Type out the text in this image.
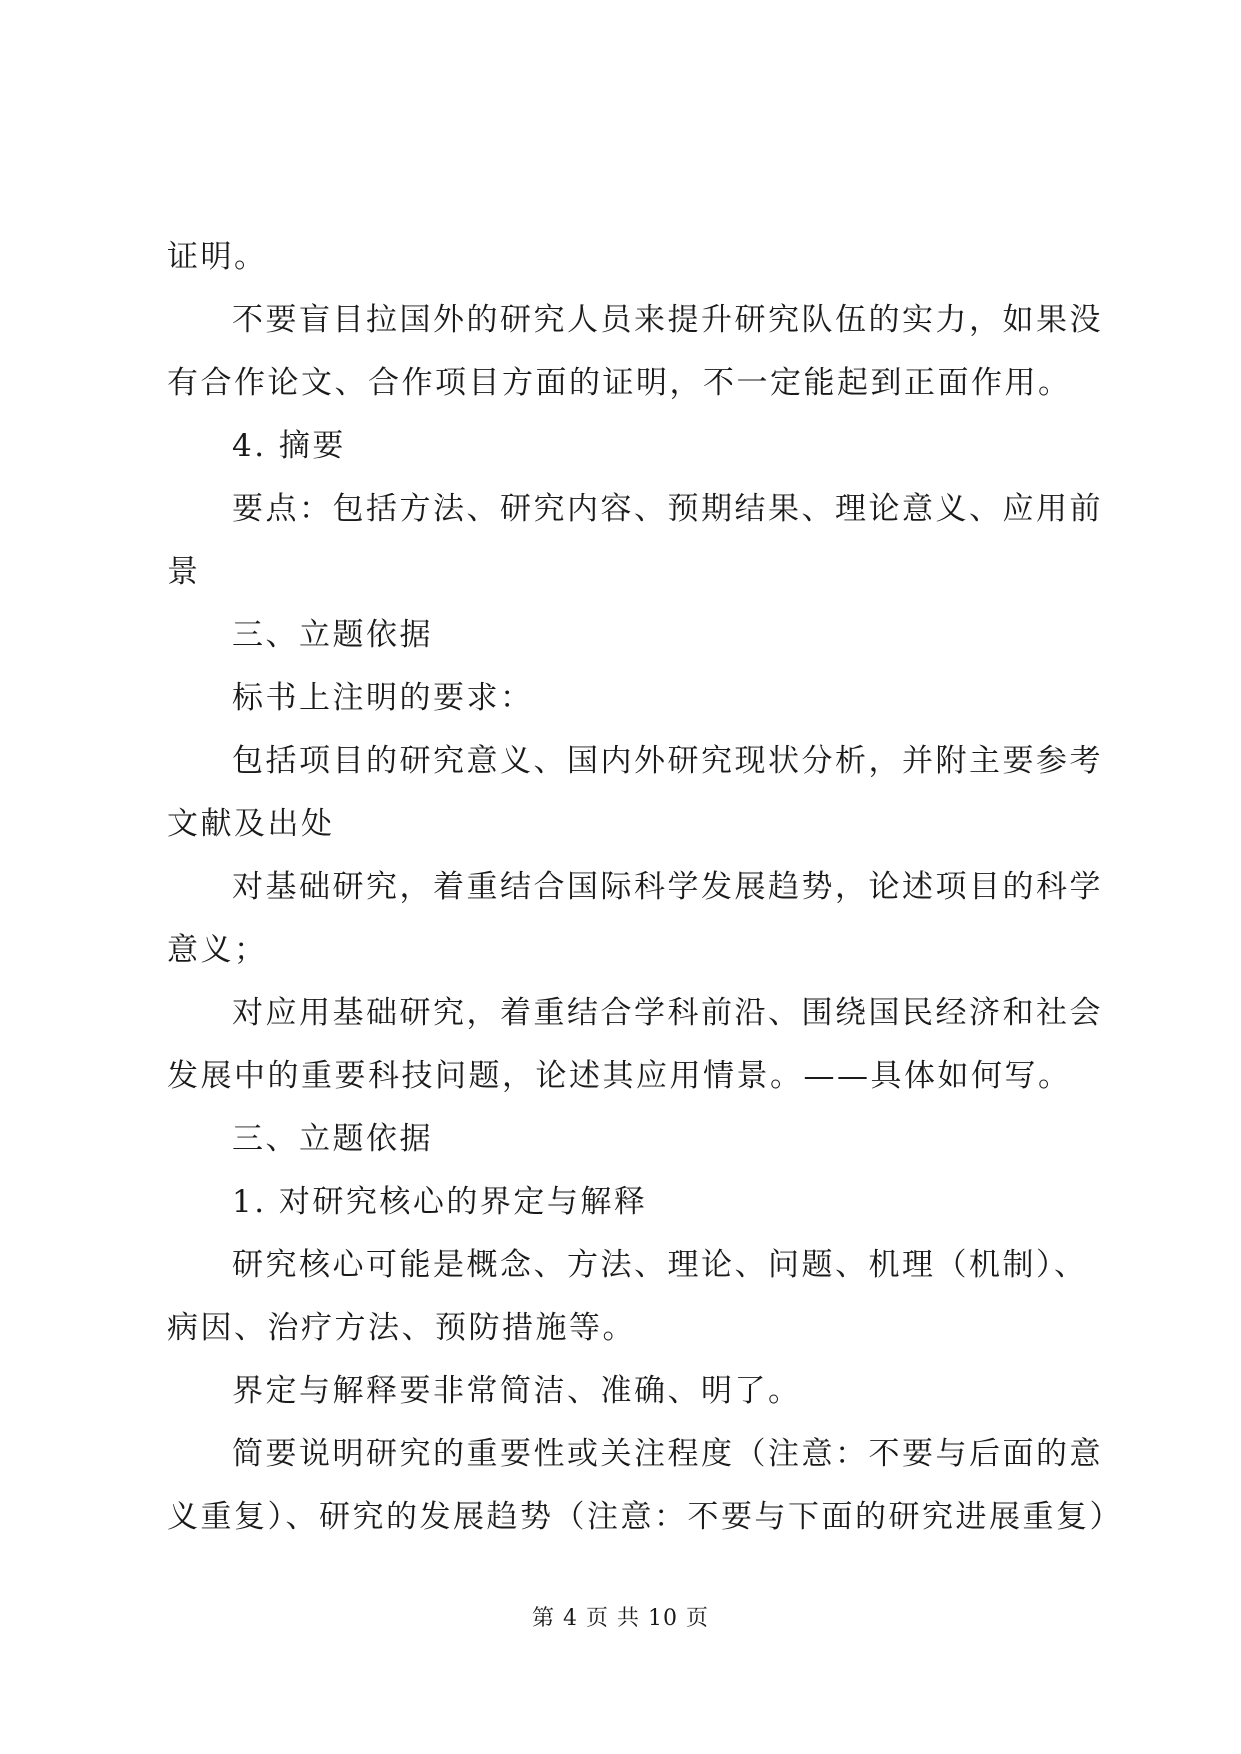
证明。
不要盲目拉国外的研究人员来提升研究队伍的实力，如果没
有合作论文、合作项目方面的证明，不一定能起到正面作用。
4. 摘要
要点：包括方法、研究内容、预期结果、理论意义、应用前
景
三、立题依据
标书上注明的要求：
包括项目的研究意义、国内外研究现状分析，并附主要参考
文献及出处
对基础研究，着重结合国际科学发展趋势，论述项目的科学
意义；
对应用基础研究，着重结合学科前沿、围绕国民经济和社会
发展中的重要科技问题，论述其应用情景。——具体如何写。
三、立题依据
1. 对研究核心的界定与解释
研究核心可能是概念、方法、理论、问题、机理（机制）、
病因、治疗方法、预防措施等。
界定与解释要非常简洁、准确、明了。
简要说明研究的重要性或关注程度（注意：不要与后面的意
义重复）、研究的发展趋势（注意：不要与下面的研究进展重复）
第 4 页 共 10 页
